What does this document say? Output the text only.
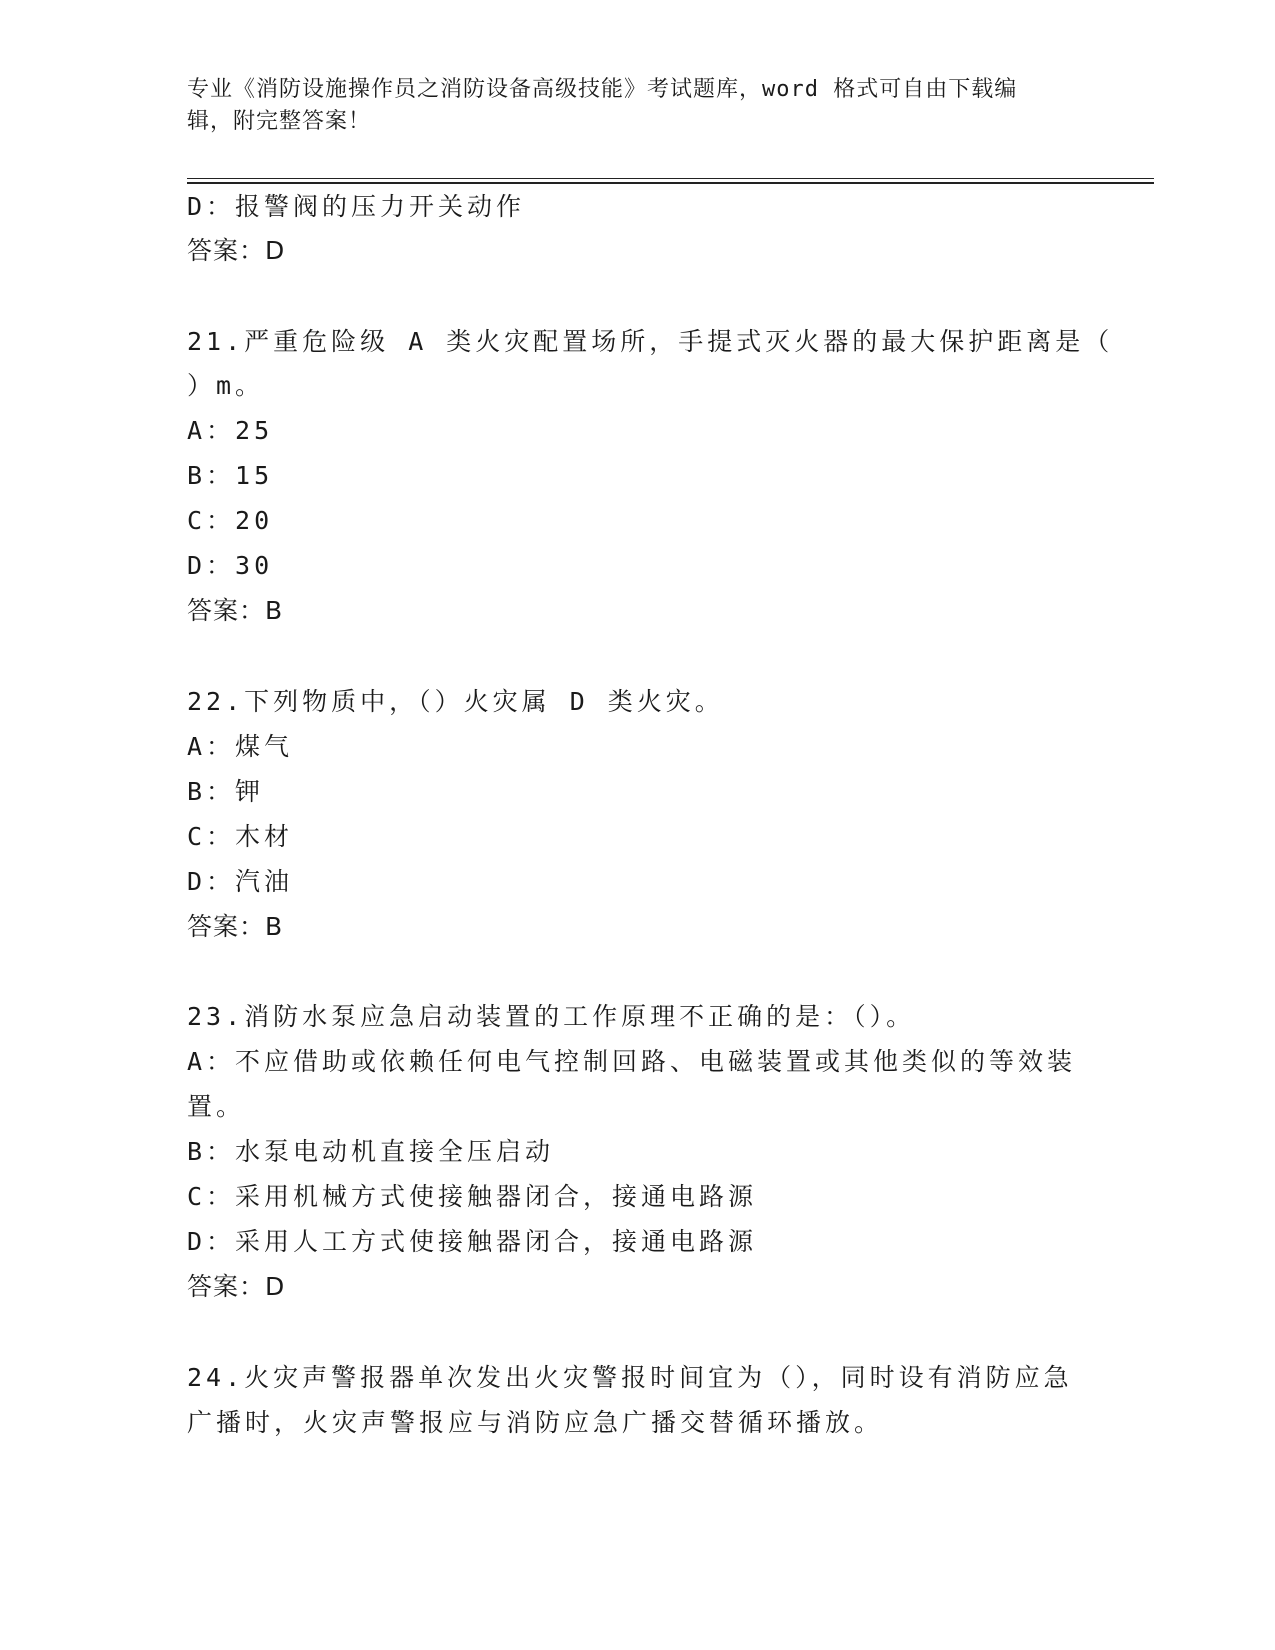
专业《消防设施操作员之消防设备高级技能》考试题库，word 格式可自由下载编
辑，附完整答案！
D：报警阀的压力开关动作
答案：D
21.严重危险级 A 类火灾配置场所，手提式灭火器的最大保护距离是（
）m。
A：25
B：15
C：20
D：30
答案：B
22.下列物质中，（）火灾属 D 类火灾。
A：煤气
B：钾
C：木材
D：汽油
答案：B
23.消防水泵应急启动装置的工作原理不正确的是：（）。
A：不应借助或依赖任何电气控制回路、电磁装置或其他类似的等效装
置。
B：水泵电动机直接全压启动
C：采用机械方式使接触器闭合，接通电路源
D：采用人工方式使接触器闭合，接通电路源
答案：D
24.火灾声警报器单次发出火灾警报时间宜为（），同时设有消防应急
广播时，火灾声警报应与消防应急广播交替循环播放。
